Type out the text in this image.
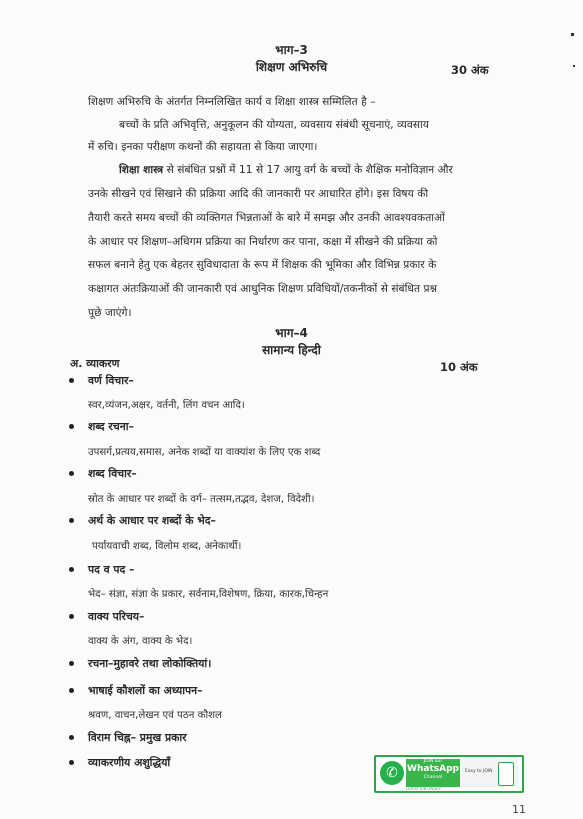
भाग–3
शिक्षण अभिरुचि	30 अंक
शिक्षण अभिरुचि के अंतर्गत निम्नलिखित कार्य व शिक्षा शास्त्र सम्मिलित है –
बच्चों के प्रति अभिवृत्ति, अनुकूलन की योग्यता, व्यवसाय संबंधी सूचनाएं, व्यवसाय
में रुचि। इनका परीक्षण कथनों की सहायता से किया जाएगा।
शिक्षा शास्त्र से संबंधित प्रश्नों में 11 से 17 आयु वर्ग के बच्चों के शैक्षिक मनोविज्ञान और
उनके सीखने एवं सिखाने की प्रक्रिया आदि की जानकारी पर आधारित होंगे। इस विषय की
तैयारी करते समय बच्चों की व्यक्तिगत भिन्नताओं के बारे में समझ और उनकी आवश्यवकताओं
के आधार पर शिक्षण–अधिगम प्रक्रिया का निर्धारण कर पाना, कक्षा में सीखने की प्रक्रिया को
सफल बनाने हेतु एक बेहतर सुविधादाता के रूप में शिक्षक की भूमिका और विभिन्न प्रकार के
कक्षागत अंतःक्रियाओं की जानकारी एवं आधुनिक शिक्षण प्रविधियों/तकनीकों से संबंधित प्रश्न
पूछे जाएंगे।
भाग–4
सामान्य हिन्दी
अ. व्याकरण	10 अंक
वर्ण विचार–
स्वर,व्यंजन,अक्षर, वर्तनी, लिंग वचन आदि।
शब्द रचना–
उपसर्ग,प्रत्यय,समास, अनेक शब्दों या वाक्यांश के लिए एक शब्द
शब्द विचार–
स्रोत के आधार पर शब्दों के वर्ग– तत्सम,तद्भव, देशज, विदेशी।
अर्थ के आधार पर शब्दों के भेद–
पर्यायवाची शब्द, विलोम शब्द, अनेकार्थी।
पद व पद –
भेद– संज्ञा, संज्ञा के प्रकार, सर्वनाम,विशेषण, क्रिया, कारक,चिन्हन
वाक्य परिचय–
वाक्य के अंग, वाक्य के भेद।
रचना–मुहावरे तथा लोकोक्तियां।
भाषाई कौशलों का अध्यापन–
श्रवण, वाचन,लेखन एवं पठन कौशल
विराम चिह्न– प्रमुख प्रकार
व्याकरणीय अशुद्धियाँ
✆
JOIN our
WhatsApp
Channel
Easy to JOIN
LATEST JOB UPDATE
11
